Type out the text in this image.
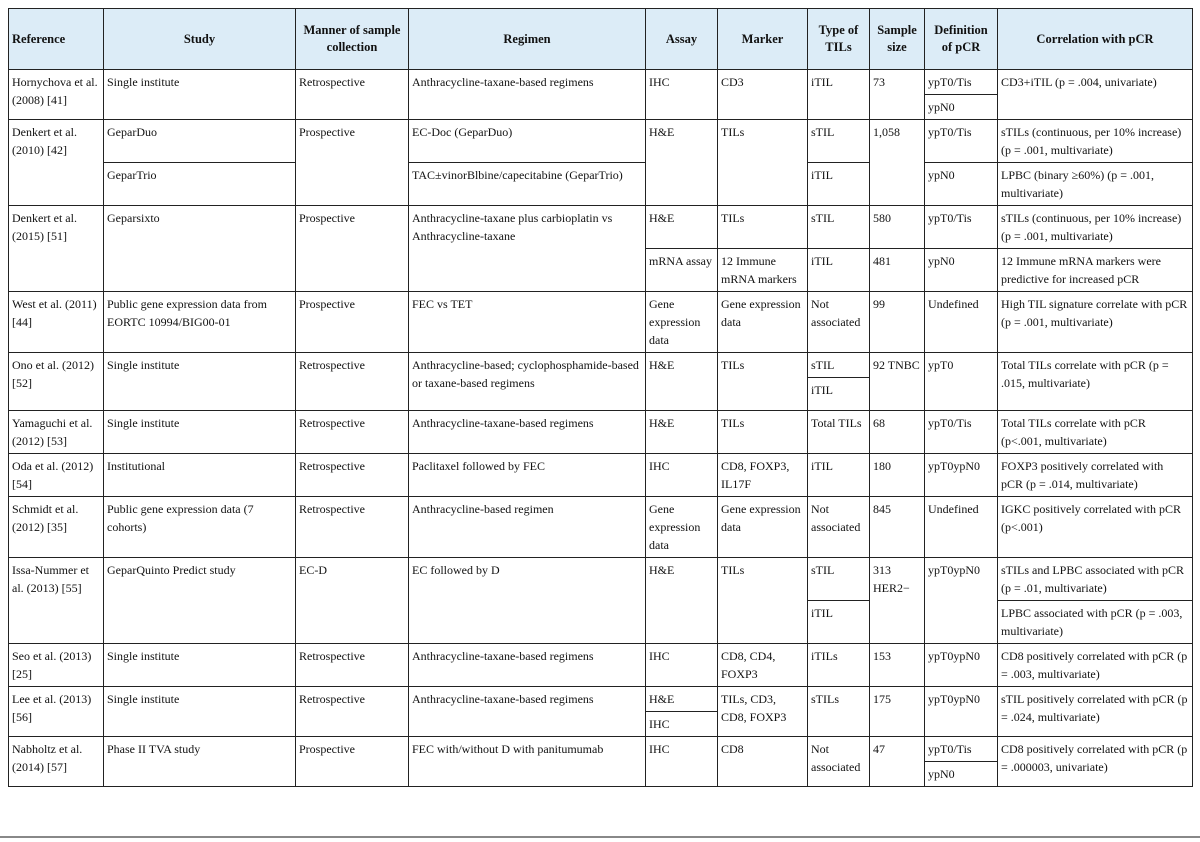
Reference	Study	Manner of sample collection	Regimen	Assay	Marker	Type of TILs	Sample size	Definition of pCR	Correlation with pCR
Hornychova et al. (2008) [41]	Single institute	Retrospective	Anthracycline-taxane-based regimens	IHC	CD3	iTIL	73	ypT0/Tis	CD3+iTIL (p = .004, univariate)
								ypN0	
Denkert et al. (2010) [42]	GeparDuo	Prospective	EC-Doc (GeparDuo)	H&E	TILs	sTIL	1,058	ypT0/Tis	sTILs (continuous, per 10% increase) (p = .001, multivariate)
	GeparTrio		TAC±vinorBlbine/capecitabine (GeparTrio)			iTIL		ypN0	LPBC (binary ≥60%) (p = .001, multivariate)
Denkert et al. (2015) [51]	Geparsixto	Prospective	Anthracycline-taxane plus carbioplatin vs Anthracycline-taxane	H&E	TILs	sTIL	580	ypT0/Tis	sTILs (continuous, per 10% increase) (p = .001, multivariate)
				mRNA assay	12 Immune mRNA markers	iTIL	481	ypN0	12 Immune mRNA markers were predictive for increased pCR
West et al. (2011) [44]	Public gene expression data from EORTC 10994/BIG00-01	Prospective	FEC vs TET	Gene expression data	Gene expression data	Not associated	99	Undefined	High TIL signature correlate with pCR (p = .001, multivariate)
Ono et al. (2012) [52]	Single institute	Retrospective	Anthracycline-based; cyclophosphamide-based or taxane-based regimens	H&E	TILs	sTIL	92 TNBC	ypT0	Total TILs correlate with pCR (p = .015, multivariate)
						iTIL			
Yamaguchi et al. (2012) [53]	Single institute	Retrospective	Anthracycline-taxane-based regimens	H&E	TILs	Total TILs	68	ypT0/Tis	Total TILs correlate with pCR (p<.001, multivariate)
Oda et al. (2012) [54]	Institutional	Retrospective	Paclitaxel followed by FEC	IHC	CD8, FOXP3, IL17F	iTIL	180	ypT0ypN0	FOXP3 positively correlated with pCR (p = .014, multivariate)
Schmidt et al. (2012) [35]	Public gene expression data (7 cohorts)	Retrospective	Anthracycline-based regimen	Gene expression data	Gene expression data	Not associated	845	Undefined	IGKC positively correlated with pCR (p<.001)
Issa-Nummer et al. (2013) [55]	GeparQuinto Predict study	EC-D	EC followed by D	H&E	TILs	sTIL	313 HER2−	ypT0ypN0	sTILs and LPBC associated with pCR (p = .01, multivariate)
						iTIL			LPBC associated with pCR (p = .003, multivariate)
Seo et al. (2013) [25]	Single institute	Retrospective	Anthracycline-taxane-based regimens	IHC	CD8, CD4, FOXP3	iTILs	153	ypT0ypN0	CD8 positively correlated with pCR (p = .003, multivariate)
Lee et al. (2013) [56]	Single institute	Retrospective	Anthracycline-taxane-based regimens	H&E	TILs, CD3, CD8, FOXP3	sTILs	175	ypT0ypN0	sTIL positively correlated with pCR (p = .024, multivariate)
				IHC					
Nabholtz et al. (2014) [57]	Phase II TVA study	Prospective	FEC with/without D with panitumumab	IHC	CD8	Not associated	47	ypT0/Tis	CD8 positively correlated with pCR (p = .000003, univariate)
								ypN0	
